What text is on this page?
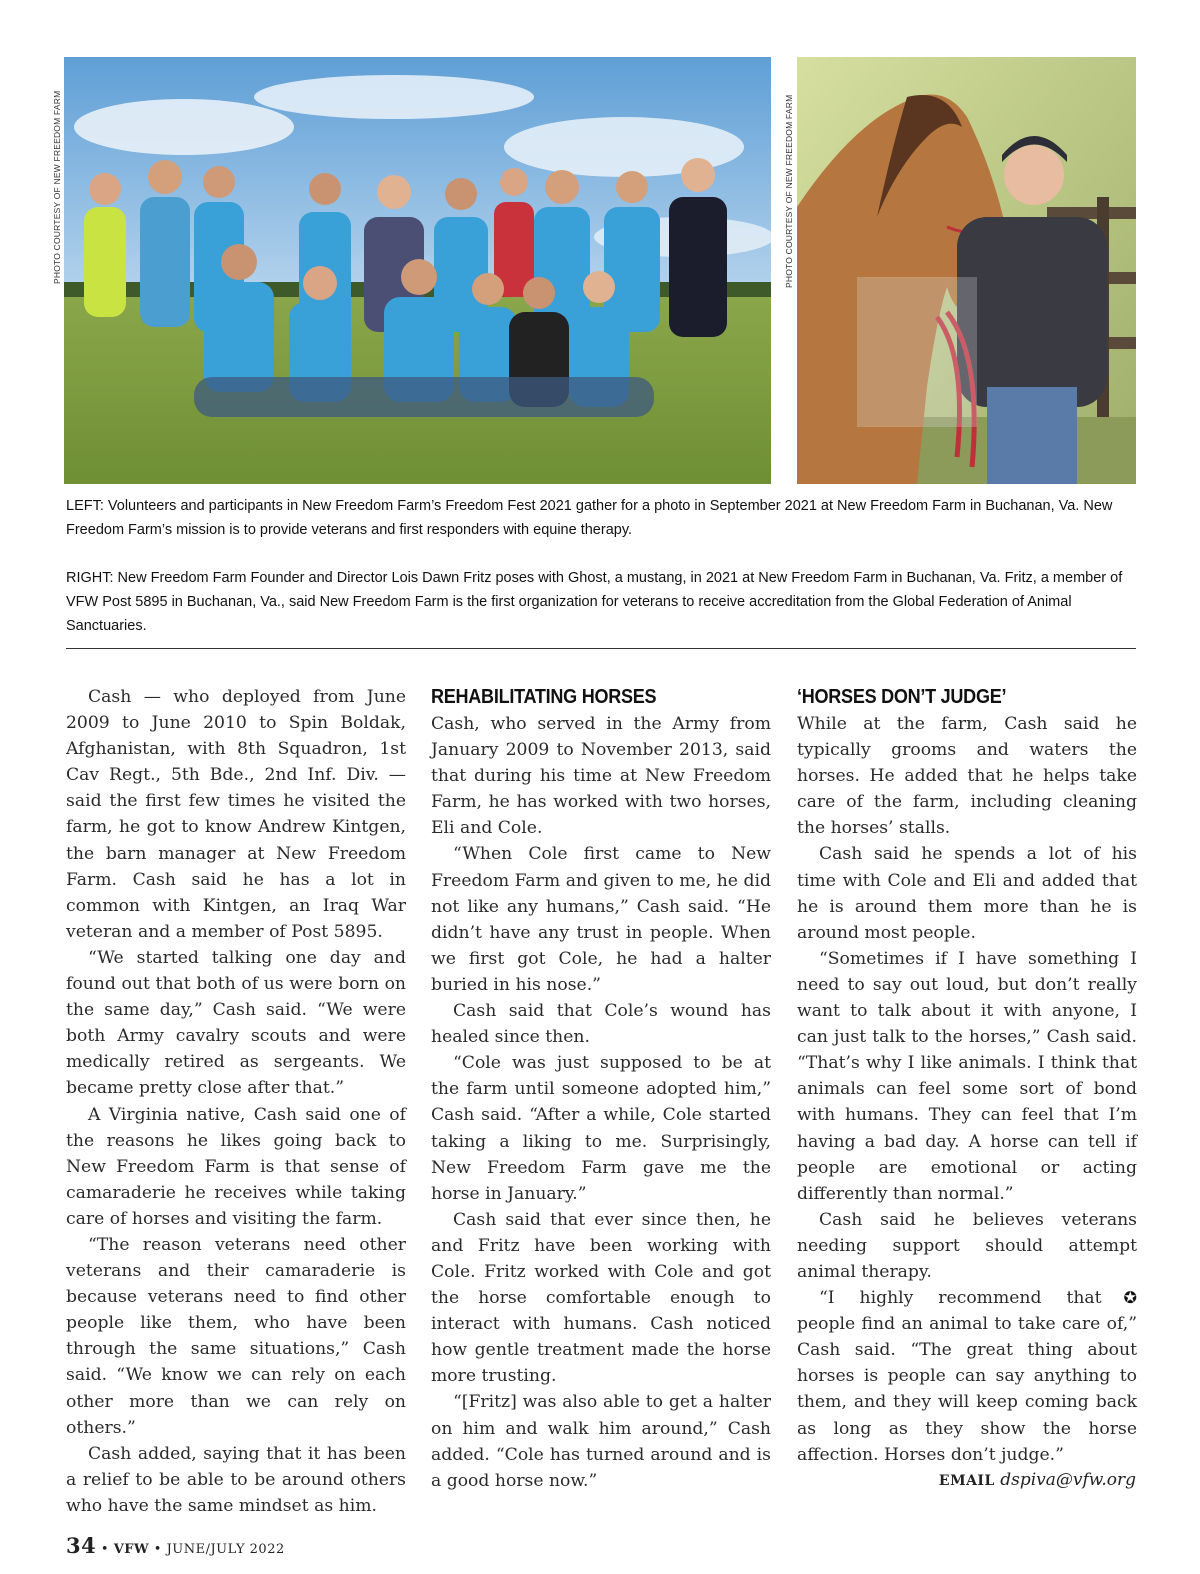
PHOTO COURTESY OF NEW FREEDOM FARM	PHOTO COURTESY OF NEW FREEDOM FARM

LEFT: Volunteers and participants in New Freedom Farm’s Freedom Fest 2021 gather for a photo in September 2021 at New Freedom Farm in Buchanan, Va. New Freedom Farm’s mission is to provide veterans and first responders with equine therapy.

RIGHT: New Freedom Farm Founder and Director Lois Dawn Fritz poses with Ghost, a mustang, in 2021 at New Freedom Farm in Buchanan, Va. Fritz, a member of VFW Post 5895 in Buchanan, Va., said New Freedom Farm is the first organization for veterans to receive accreditation from the Global Federation of Animal Sanctuaries.

Cash — who deployed from June 2009 to June 2010 to Spin Boldak, Afghanistan, with 8th Squadron, 1st Cav Regt., 5th Bde., 2nd Inf. Div. — said the first few times he visited the farm, he got to know Andrew Kintgen, the barn manager at New Freedom Farm. Cash said he has a lot in common with Kintgen, an Iraq War veteran and a member of Post 5895.

“We started talking one day and found out that both of us were born on the same day,” Cash said. “We were both Army cavalry scouts and were medically retired as sergeants. We became pretty close after that.”

A Virginia native, Cash said one of the reasons he likes going back to New Freedom Farm is that sense of camaraderie he receives while taking care of horses and visiting the farm.

“The reason veterans need other veterans and their camaraderie is because veterans need to find other people like them, who have been through the same situations,” Cash said. “We know we can rely on each other more than we can rely on others.”

Cash added, saying that it has been a relief to be able to be around others who have the same mindset as him.

REHABILITATING HORSES

Cash, who served in the Army from January 2009 to November 2013, said that during his time at New Freedom Farm, he has worked with two horses, Eli and Cole.

“When Cole first came to New Freedom Farm and given to me, he did not like any humans,” Cash said. “He didn’t have any trust in people. When we first got Cole, he had a halter buried in his nose.”

Cash said that Cole’s wound has healed since then.

“Cole was just supposed to be at the farm until someone adopted him,” Cash said. “After a while, Cole started taking a liking to me. Surprisingly, New Freedom Farm gave me the horse in January.”

Cash said that ever since then, he and Fritz have been working with Cole. Fritz worked with Cole and got the horse comfortable enough to interact with humans. Cash noticed how gentle treatment made the horse more trusting.

“[Fritz] was also able to get a halter on him and walk him around,” Cash added. “Cole has turned around and is a good horse now.”

‘HORSES DON’T JUDGE’

While at the farm, Cash said he typically grooms and waters the horses. He added that he helps take care of the farm, including cleaning the horses’ stalls.

Cash said he spends a lot of his time with Cole and Eli and added that he is around them more than he is around most people.

“Sometimes if I have something I need to say out loud, but don’t really want to talk about it with anyone, I can just talk to the horses,” Cash said. “That’s why I like animals. I think that animals can feel some sort of bond with humans. They can feel that I’m having a bad day. A horse can tell if people are emotional or acting differently than normal.”

Cash said he believes veterans needing support should attempt animal therapy.

✪
“I highly recommend that people find an animal to take care of,” Cash said. “The great thing about horses is people can say anything to them, and they will keep coming back as long as they show the horse affection. Horses don’t judge.”

EMAIL dspiva@vfw.org
34 • VFW • JUNE/JULY 2022
